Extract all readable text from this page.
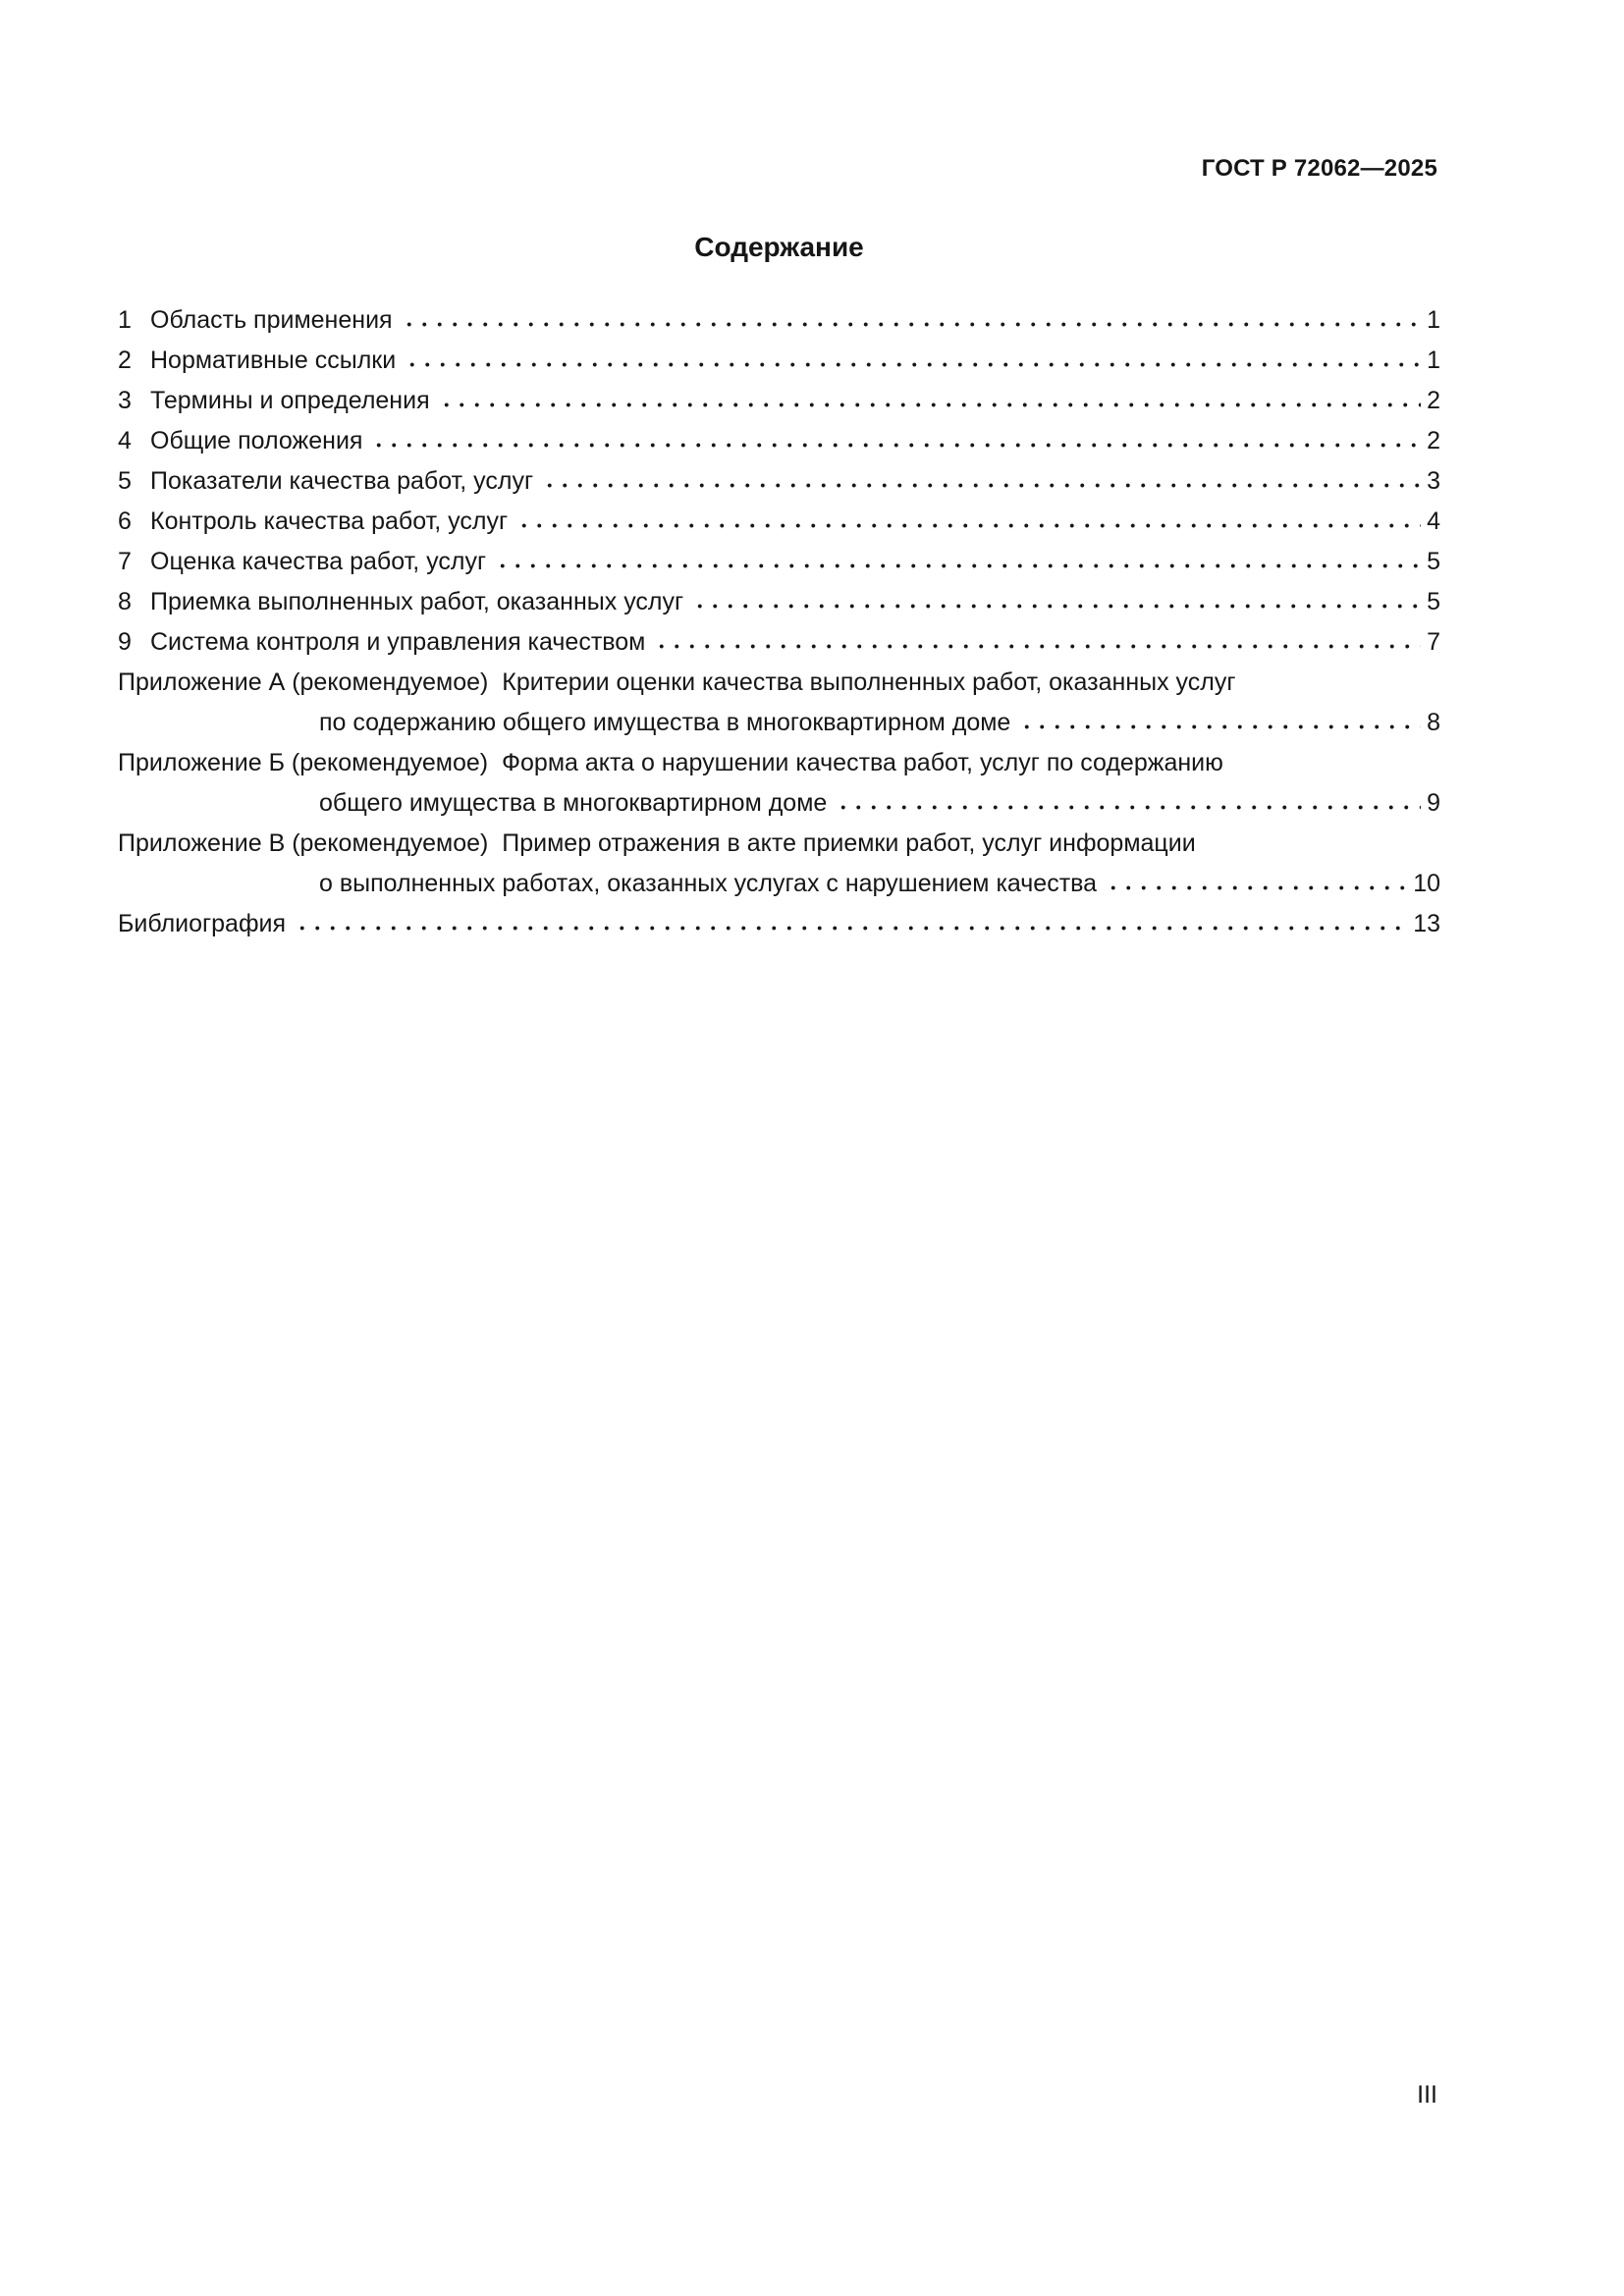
ГОСТ Р 72062—2025
Содержание
1 Область применения	1
2 Нормативные ссылки	1
3 Термины и определения	2
4 Общие положения	2
5 Показатели качества работ, услуг	3
6 Контроль качества работ, услуг	4
7 Оценка качества работ, услуг	5
8 Приемка выполненных работ, оказанных услуг	5
9 Система контроля и управления качеством	7
Приложение А (рекомендуемое)  Критерии оценки качества выполненных работ, оказанных услуг
по содержанию общего имущества в многоквартирном доме	8
Приложение Б (рекомендуемое)  Форма акта о нарушении качества работ, услуг по содержанию
общего имущества в многоквартирном доме	9
Приложение В (рекомендуемое)  Пример отражения в акте приемки работ, услуг информации
о выполненных работах, оказанных услугах с нарушением качества	10
Библиография	13
III
